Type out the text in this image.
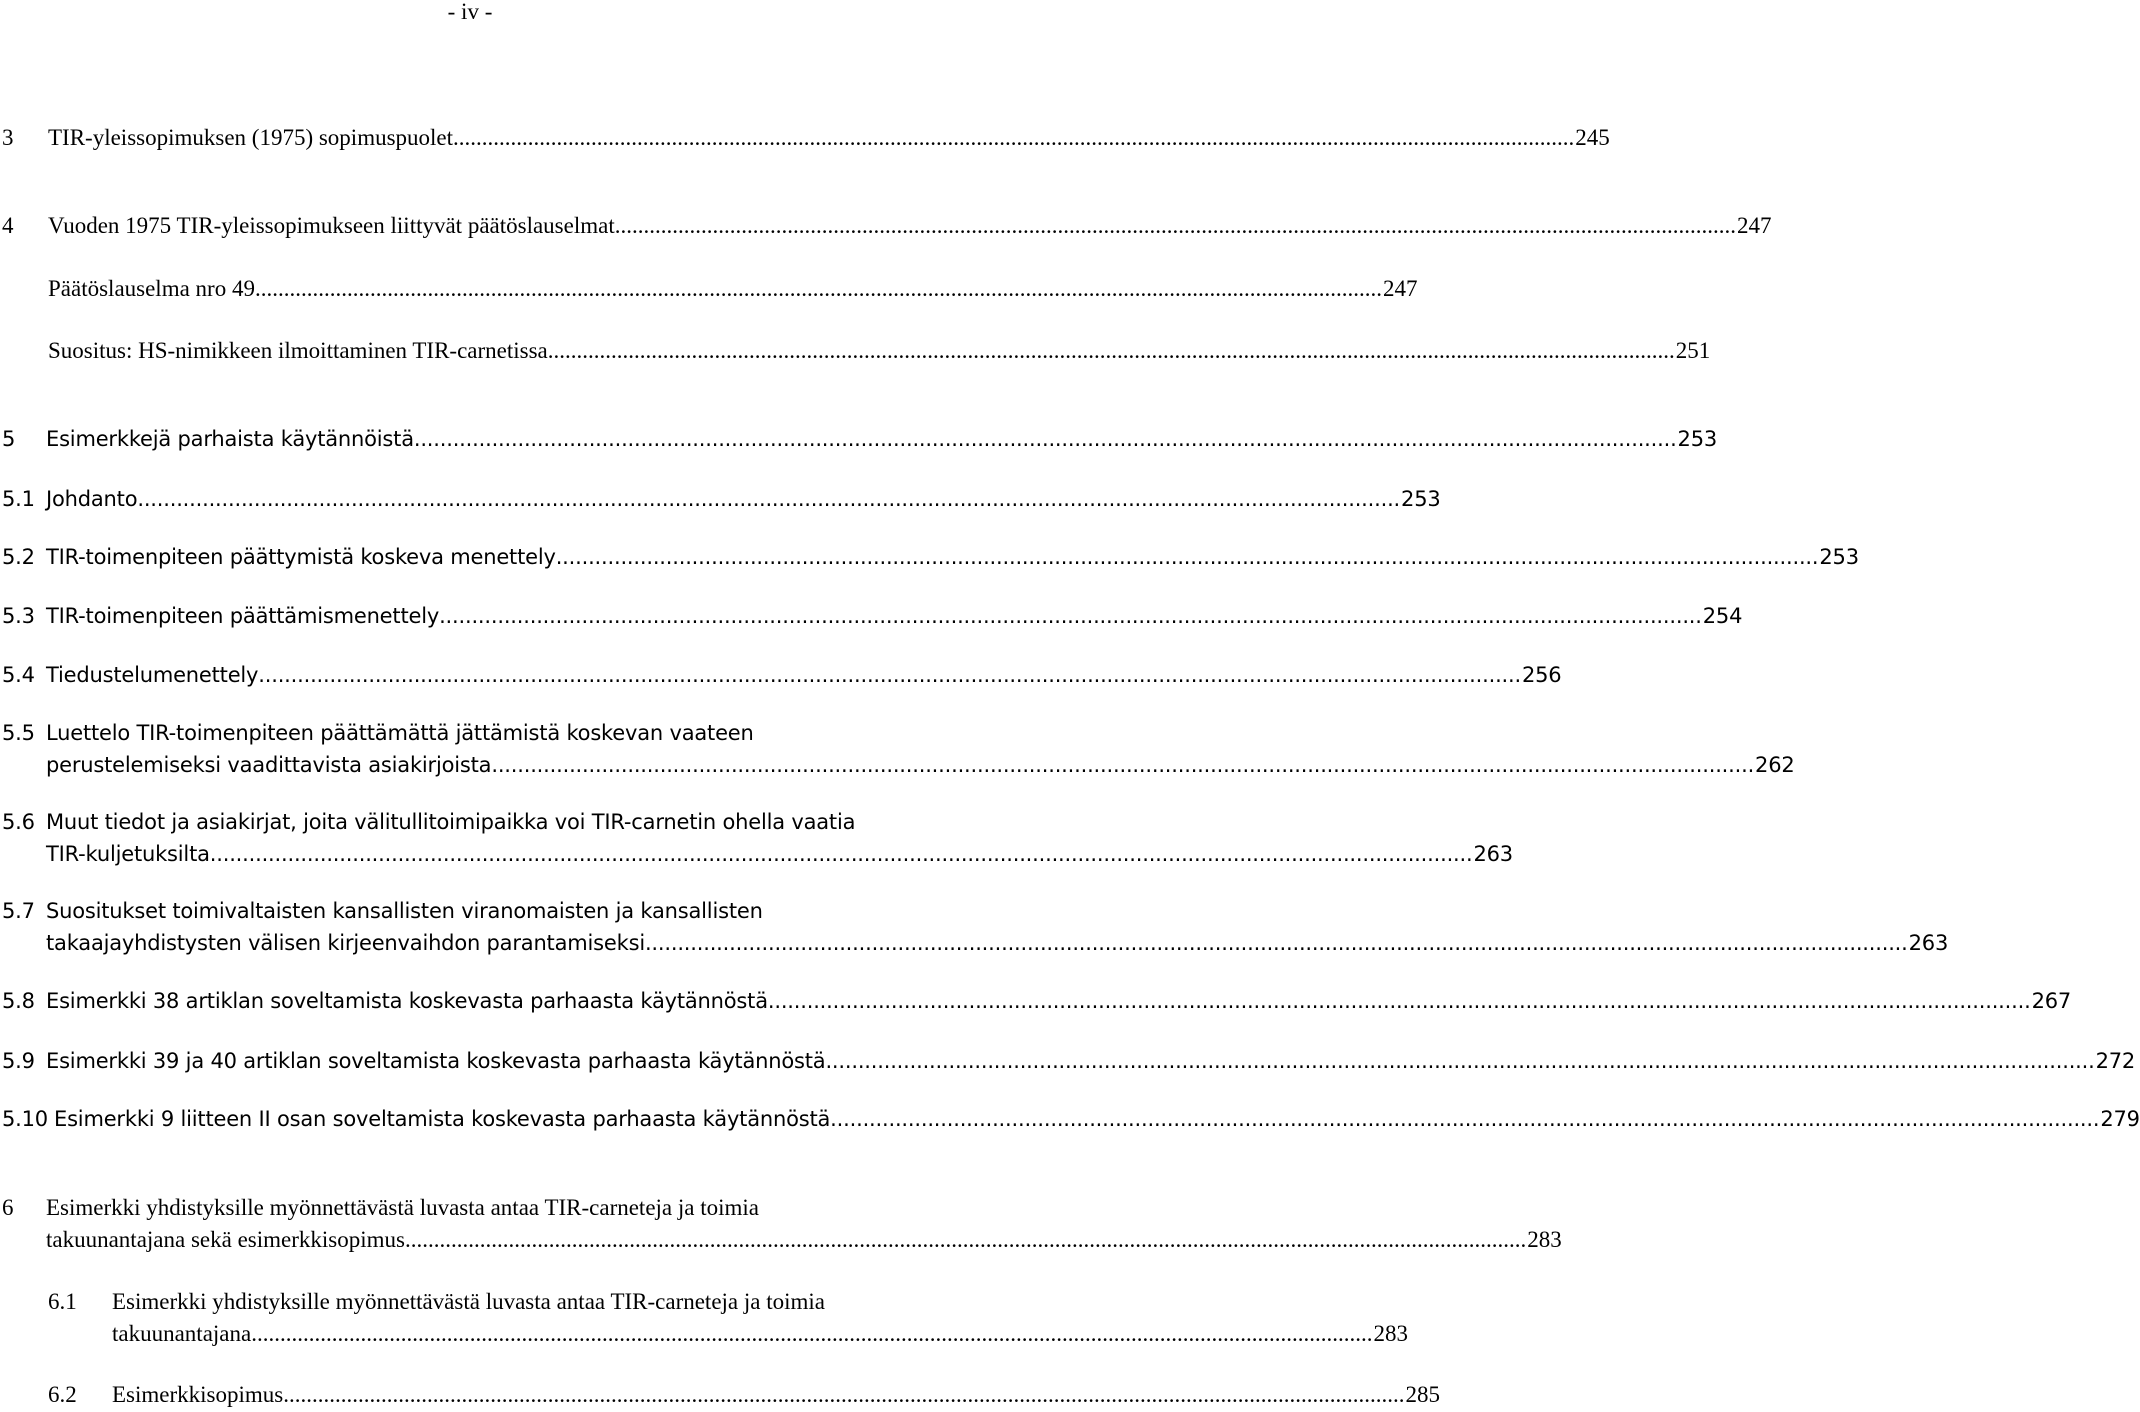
- iv -
3 TIR-yleissopimuksen (1975) sopimuspuolet ................................................................................................................................................................................................... 245
4 Vuoden 1975 TIR-yleissopimukseen liittyvät päätöslauselmat ................................................................................................................................................................................................... 247
Päätöslauselma nro 49. ................................................................................................................................................................................................... 247
Suositus: HS-nimikkeen ilmoittaminen TIR-carnetissa. ................................................................................................................................................................................................... 251
5 Esimerkkejä parhaista käytännöistä ................................................................................................................................................................................................... 253
5.1 Johdanto ................................................................................................................................................................................................... 253
5.2 TIR-toimenpiteen päättymistä koskeva menettely ................................................................................................................................................................................................... 253
5.3 TIR-toimenpiteen päättämismenettely ................................................................................................................................................................................................... 254
5.4 Tiedustelumenettely ................................................................................................................................................................................................... 256
5.5 Luettelo TIR-toimenpiteen päättämättä jättämistä koskevan vaateen
perustelemiseksi vaadittavista asiakirjoista ................................................................................................................................................................................................... 262
5.6 Muut tiedot ja asiakirjat, joita välitullitoimipaikka voi TIR-carnetin ohella vaatia
TIR-kuljetuksilta ................................................................................................................................................................................................... 263
5.7 Suositukset toimivaltaisten kansallisten viranomaisten ja kansallisten
takaajayhdistysten välisen kirjeenvaihdon parantamiseksi ................................................................................................................................................................................................... 263
5.8 Esimerkki 38 artiklan soveltamista koskevasta parhaasta käytännöstä ................................................................................................................................................................................................... 267
5.9 Esimerkki 39 ja 40 artiklan soveltamista koskevasta parhaasta käytännöstä. ................................................................................................................................................................................................... 272
5.10 Esimerkki 9 liitteen II osan soveltamista koskevasta parhaasta käytännöstä. ................................................................................................................................................................................................... 279
6 Esimerkki yhdistyksille myönnettävästä luvasta antaa TIR-carneteja ja toimia
takuunantajana sekä esimerkkisopimus ................................................................................................................................................................................................... 283
6.1 Esimerkki yhdistyksille myönnettävästä luvasta antaa TIR-carneteja ja toimia
takuunantajana ................................................................................................................................................................................................... 283
6.2 Esimerkkisopimus ................................................................................................................................................................................................... 285
